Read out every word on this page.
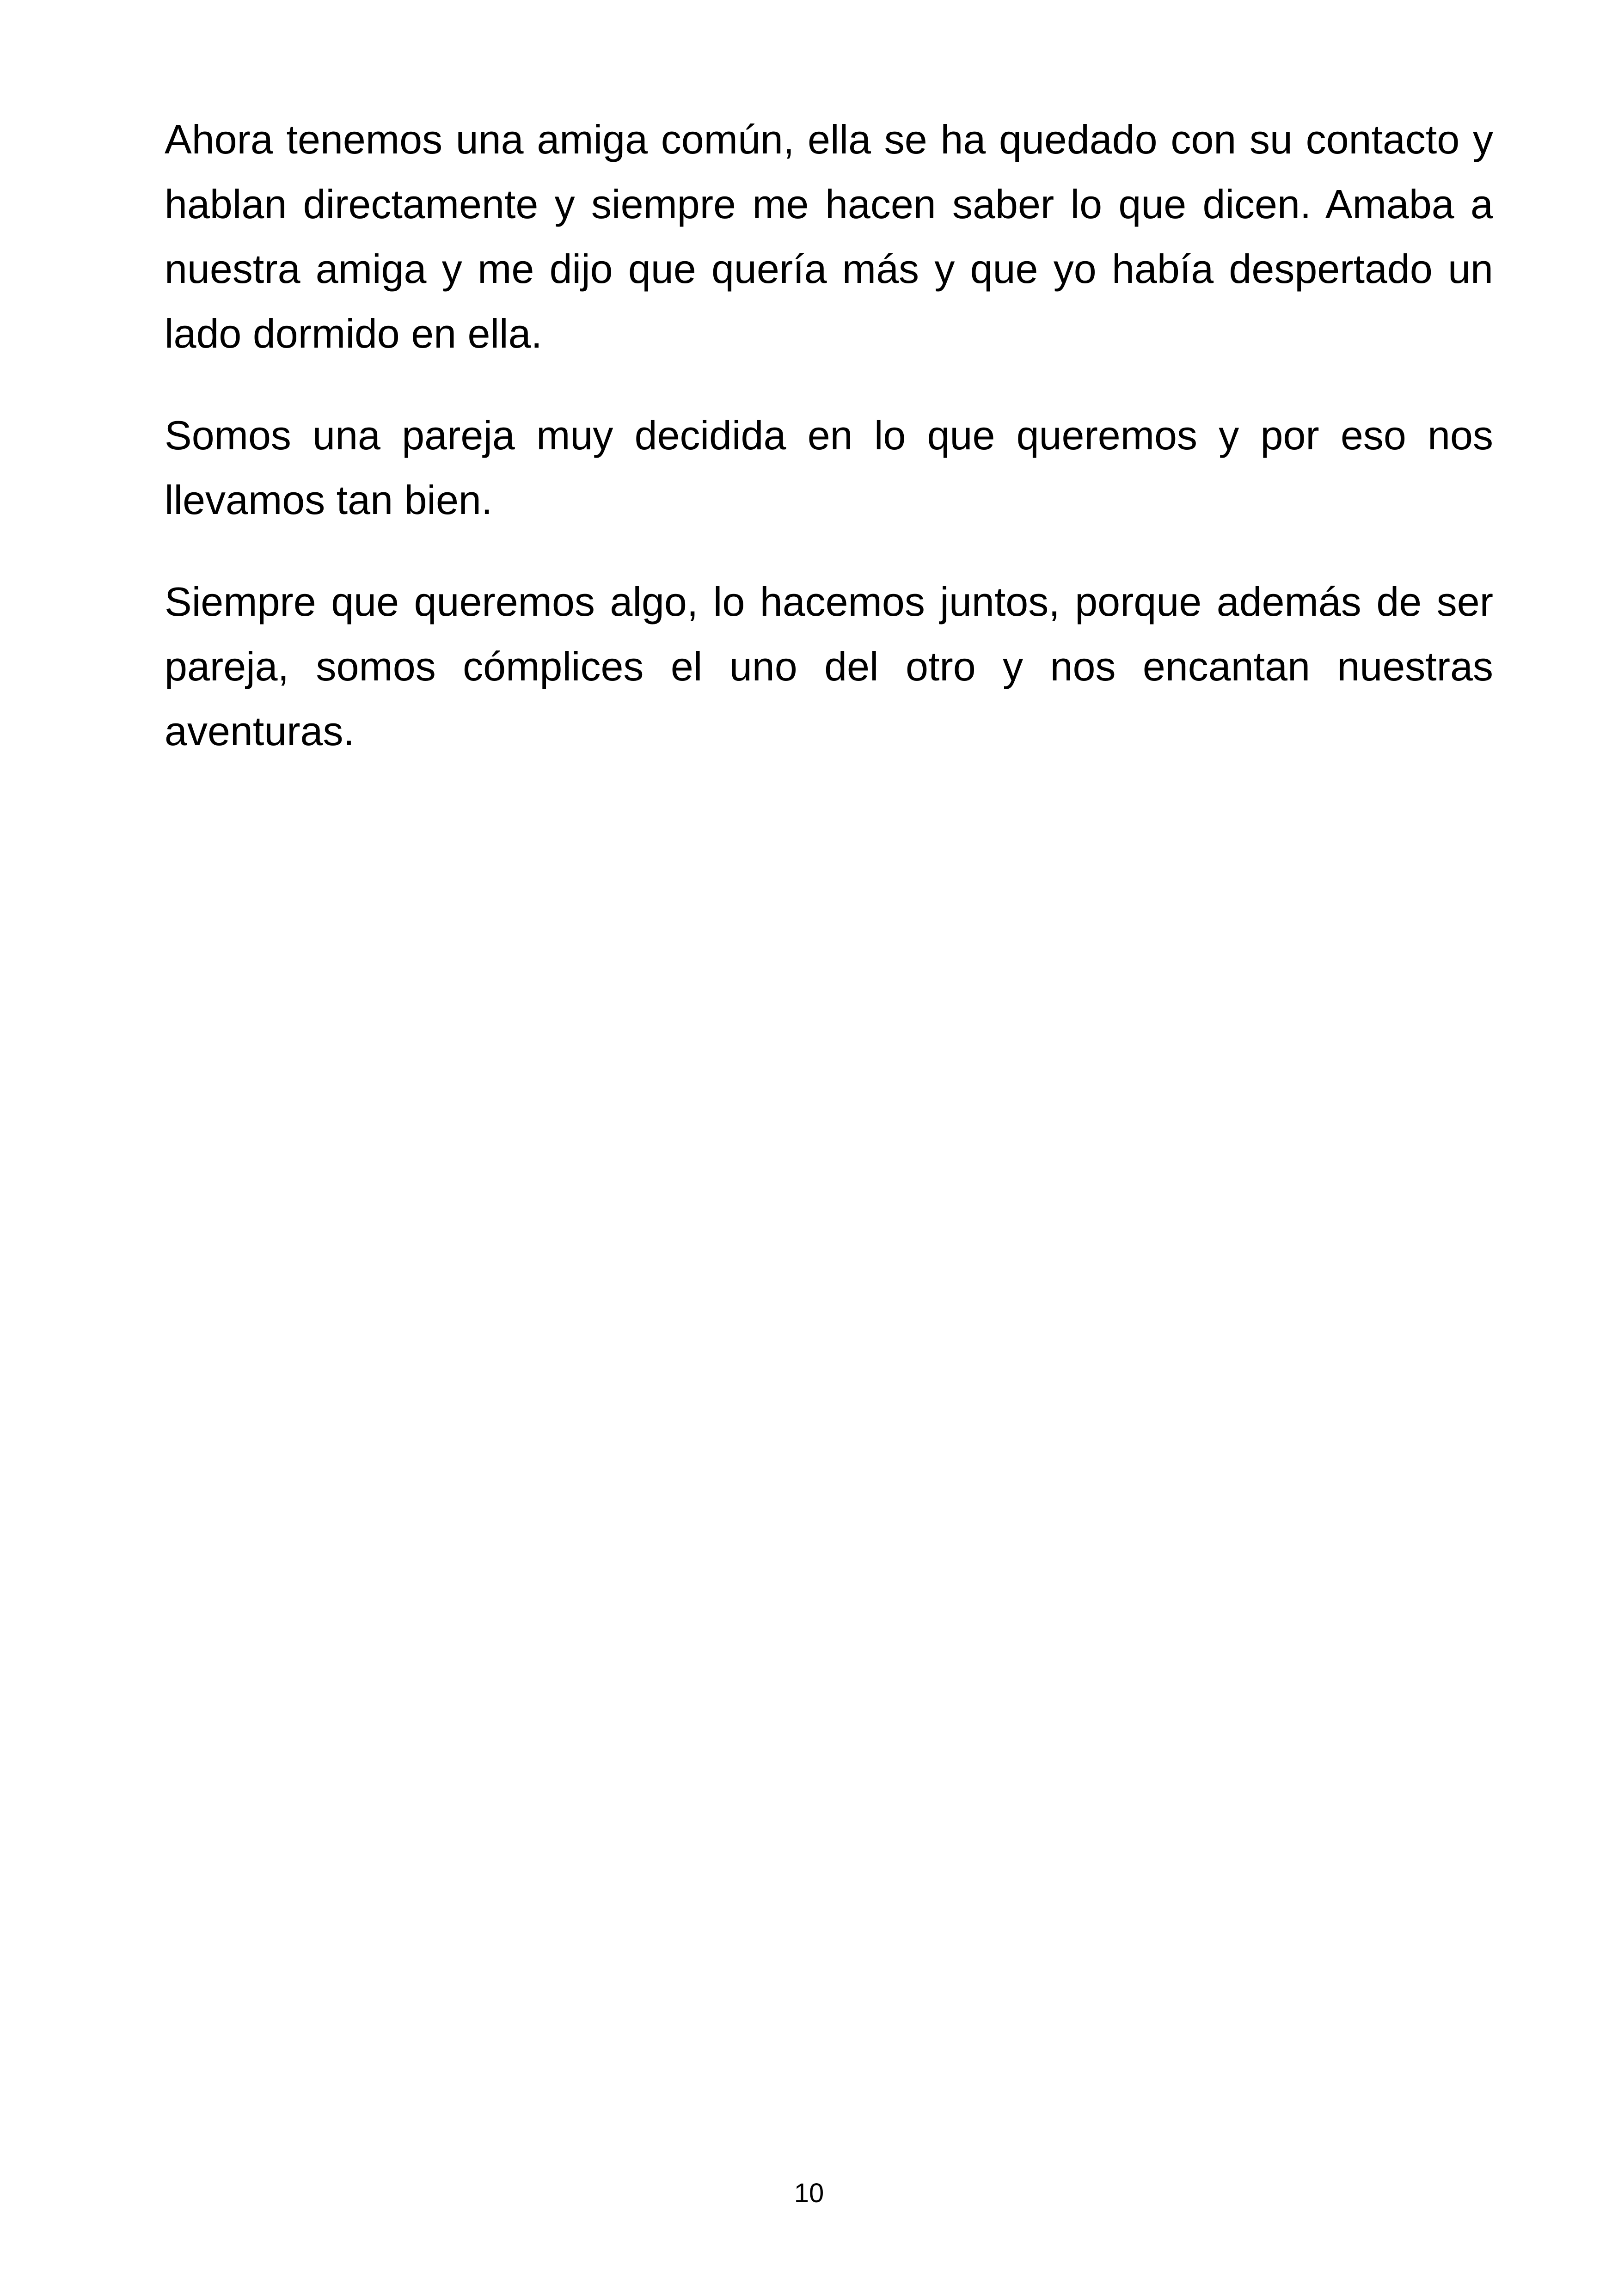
Ahora tenemos una amiga común, ella se ha quedado con su contacto y hablan directamente y siempre me hacen saber lo que dicen. Amaba a nuestra amiga y me dijo que quería más y que yo había despertado un lado dormido en ella.

Somos una pareja muy decidida en lo que queremos y por eso nos llevamos tan bien.

Siempre que queremos algo, lo hacemos juntos, porque además de ser pareja, somos cómplices el uno del otro y nos encantan nuestras aventuras.

10
